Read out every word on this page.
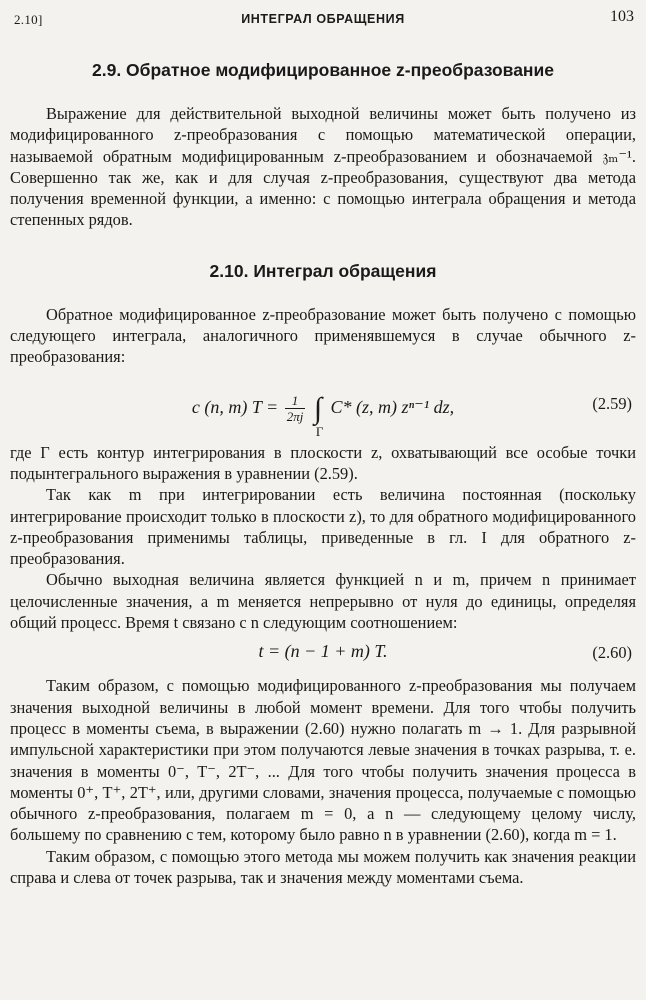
2.10]	ИНТЕГРАЛ ОБРАЩЕНИЯ	103
2.9. Обратное модифицированное z-преобразование

Выражение для действительной выходной величины может быть получено из модифицированного z-преобразования с помощью математической операции, называемой обратным модифицированным z-преобразованием и обозначаемой 𝔷ₘ⁻¹. Совершенно так же, как и для случая z-преобразования, существуют два метода получения временной функции, а именно: с помощью интеграла обращения и метода степенных рядов.

2.10. Интеграл обращения

Обратное модифицированное z-преобразование может быть получено с помощью следующего интеграла, аналогичного применявшемуся в случае обычного z-преобразования:

c (n, m) $T = \frac{1}{2\pi j}$ ∫
Γ
C* (z, m) zⁿ⁻¹ dz,	(2.59)

где Γ есть контур интегрирования в плоскости z, охватывающий все особые точки подынтегрального выражения в уравнении (2.59).

Так как m при интегрировании есть величина постоянная (поскольку интегрирование происходит только в плоскости z), то для обратного модифицированного z-преобразования применимы таблицы, приведенные в гл. I для обратного z-преобразования.

Обычно выходная величина является функцией n и m, причем n принимает целочисленные значения, а m меняется непрерывно от нуля до единицы, определяя общий процесс. Время t связано с n следующим соотношением:

t = (n − 1 + m) T.	(2.60)

Таким образом, с помощью модифицированного z-преобразования мы получаем значения выходной величины в любой момент времени. Для того чтобы получить процесс в моменты съема, в выражении (2.60) нужно полагать m → 1. Для разрывной импульсной характеристики при этом получаются левые значения в точках разрыва, т. е. значения в моменты 0⁻, T⁻, 2T⁻, ... Для того чтобы получить значения процесса в моменты 0⁺, T⁺, 2T⁺, или, другими словами, значения процесса, получаемые с помощью обычного z-преобразования, полагаем m = 0, а n — следующему целому числу, большему по сравнению с тем, которому было равно n в уравнении (2.60), когда m = 1.

Таким образом, с помощью этого метода мы можем получить как значения реакции справа и слева от точек разрыва, так и значения между моментами съема.
